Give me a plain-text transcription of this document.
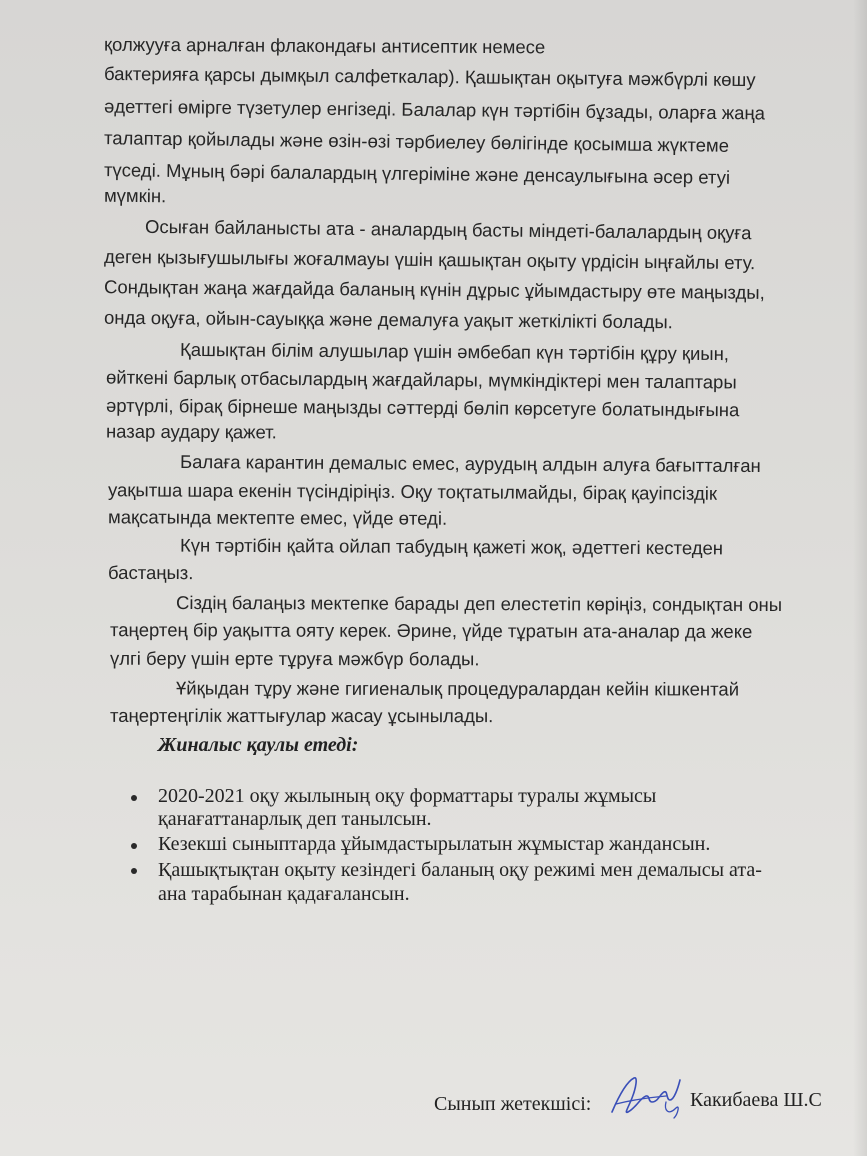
қолжууға арналған флакондағы антисептик немесе
бактерияға қарсы дымқыл салфеткалар). Қашықтан оқытуға мәжбүрлі көшу
әдеттегі өмірге түзетулер енгізеді. Балалар күн тәртібін бұзады, оларға жаңа
талаптар қойылады және өзін-өзі тәрбиелеу бөлігінде қосымша жүктеме
түседі. Мұның бәрі балалардың үлгеріміне және денсаулығына әсер етуі
мүмкін.
Осыған байланысты ата - аналардың басты міндеті-балалардың оқуға
деген қызығушылығы жоғалмауы үшін қашықтан оқыту үрдісін ыңғайлы ету.
Сондықтан жаңа жағдайда баланың күнін дұрыс ұйымдастыру өте маңызды,
онда оқуға, ойын-сауыққа және демалуға уақыт жеткілікті болады.
Қашықтан білім алушылар үшін әмбебап күн тәртібін құру қиын,
өйткені барлық отбасылардың жағдайлары, мүмкіндіктері мен талаптары
әртүрлі, бірақ бірнеше маңызды сәттерді бөліп көрсетуге болатындығына
назар аудару қажет.
Балаға карантин демалыс емес, аурудың алдын алуға бағытталған
уақытша шара екенін түсіндіріңіз. Оқу тоқтатылмайды, бірақ қауіпсіздік
мақсатында мектепте емес, үйде өтеді.
Күн тәртібін қайта ойлап табудың қажеті жоқ, әдеттегі кестеден
бастаңыз.
Сіздің балаңыз мектепке барады деп елестетіп көріңіз, сондықтан оны
таңертең бір уақытта ояту керек. Әрине, үйде тұратын ата-аналар да жеке
үлгі беру үшін ерте тұруға мәжбүр болады.
Ұйқыдан тұру және гигиеналық процедуралардан кейін кішкентай
таңертеңгілік жаттығулар жасау ұсынылады.
Жиналыс қаулы етеді:
2020-2021 оқу жылының оқу форматтары туралы жұмысы
қанағаттанарлық деп танылсын.
Кезекші сыныптарда ұйымдастырылатын жұмыстар жандансын.
Қашықтықтан оқыту кезіндегі баланың оқу режимі мен демалысы ата-
ана тарабынан қадағалансын.
Сынып жетекшісі:	Какибаева Ш.С
